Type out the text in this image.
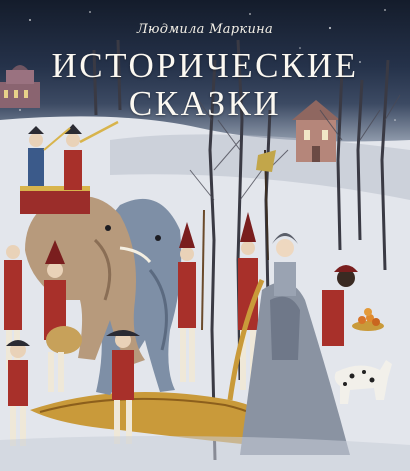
Людмила Маркина
ИСТОРИЧЕСКИЕ
СКАЗКИ
